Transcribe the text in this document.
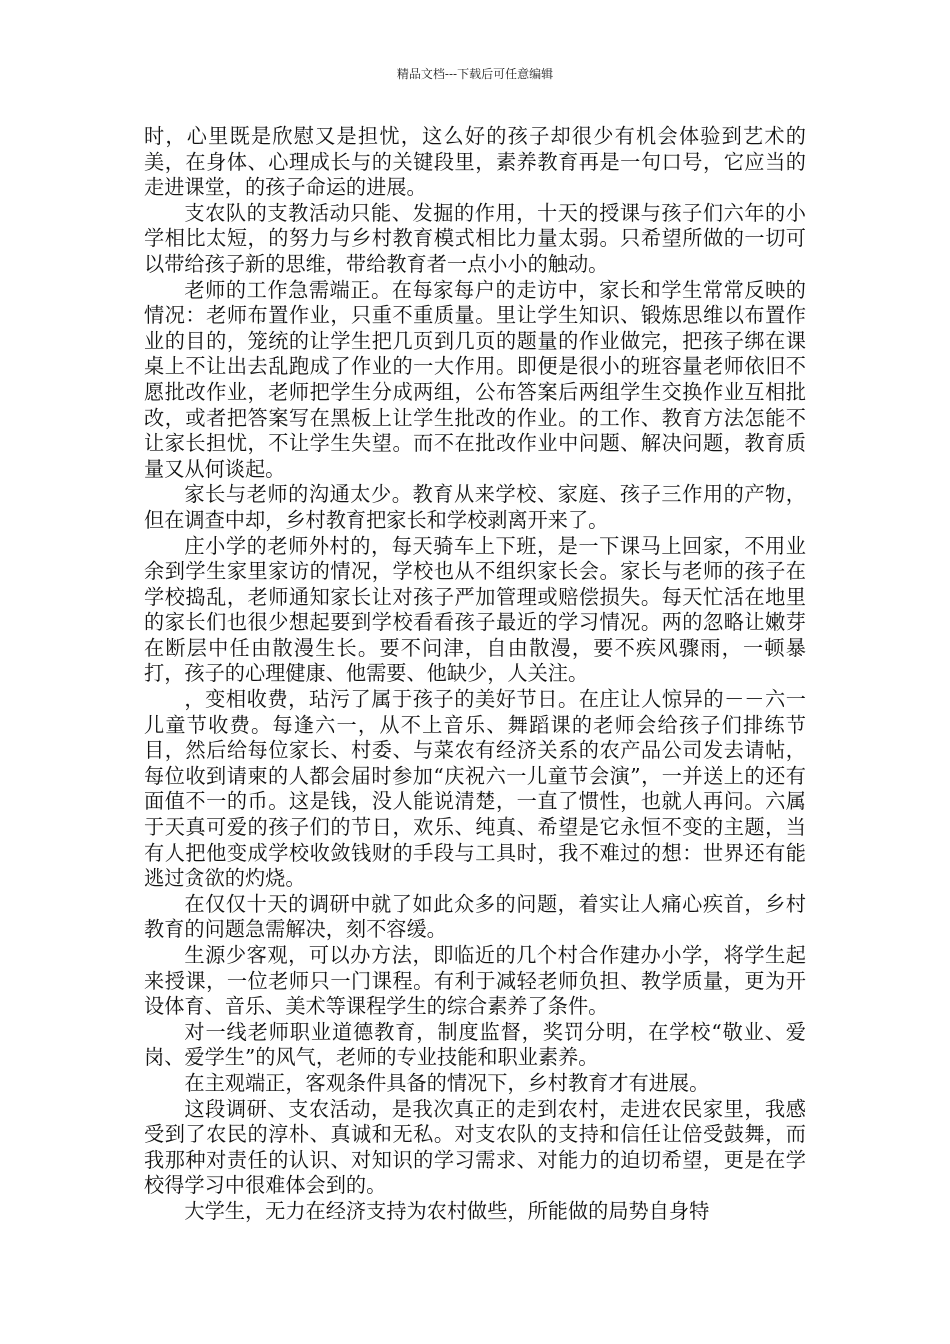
精品文档---下载后可任意编辑

时，心里既是欣慰又是担忧，这么好的孩子却很少有机会体验到艺术的美，在身体、心理成长与的关键段里，素养教育再是一句口号，它应当的走进课堂，的孩子命运的进展。

支农队的支教活动只能、发掘的作用，十天的授课与孩子们六年的小学相比太短，的努力与乡村教育模式相比力量太弱。只希望所做的一切可以带给孩子新的思维，带给教育者一点小小的触动。

老师的工作急需端正。在每家每户的走访中，家长和学生常常反映的情况：老师布置作业，只重不重质量。里让学生知识、锻炼思维以布置作业的目的，笼统的让学生把几页到几页的题量的作业做完，把孩子绑在课桌上不让出去乱跑成了作业的一大作用。即便是很小的班容量老师依旧不愿批改作业，老师把学生分成两组，公布答案后两组学生交换作业互相批改，或者把答案写在黑板上让学生批改的作业。的工作、教育方法怎能不让家长担忧，不让学生失望。而不在批改作业中问题、解决问题，教育质量又从何谈起。

家长与老师的沟通太少。教育从来学校、家庭、孩子三作用的产物，但在调查中却，乡村教育把家长和学校剥离开来了。

庄小学的老师外村的，每天骑车上下班，是一下课马上回家，不用业余到学生家里家访的情况，学校也从不组织家长会。家长与老师的孩子在学校捣乱，老师通知家长让对孩子严加管理或赔偿损失。每天忙活在地里的家长们也很少想起要到学校看看孩子最近的学习情况。两的忽略让嫩芽在断层中任由散漫生长。要不问津，自由散漫，要不疾风骤雨，一顿暴打，孩子的心理健康、他需要、他缺少，人关注。

，变相收费，玷污了属于孩子的美好节日。在庄让人惊异的－－六一儿童节收费。每逢六一，从不上音乐、舞蹈课的老师会给孩子们排练节目，然后给每位家长、村委、与菜农有经济关系的农产品公司发去请帖，每位收到请柬的人都会届时参加“庆祝六一儿童节会演”，一并送上的还有面值不一的币。这是钱，没人能说清楚，一直了惯性，也就人再问。六属于天真可爱的孩子们的节日，欢乐、纯真、希望是它永恒不变的主题，当有人把他变成学校收敛钱财的手段与工具时，我不难过的想：世界还有能逃过贪欲的灼烧。

在仅仅十天的调研中就了如此众多的问题，着实让人痛心疾首，乡村教育的问题急需解决，刻不容缓。

生源少客观，可以办方法，即临近的几个村合作建办小学，将学生起来授课，一位老师只一门课程。有利于减轻老师负担、教学质量，更为开设体育、音乐、美术等课程学生的综合素养了条件。

对一线老师职业道德教育，制度监督，奖罚分明，在学校“敬业、爱岗、爱学生”的风气，老师的专业技能和职业素养。

在主观端正，客观条件具备的情况下，乡村教育才有进展。

这段调研、支农活动，是我次真正的走到农村，走进农民家里，我感受到了农民的淳朴、真诚和无私。对支农队的支持和信任让倍受鼓舞，而我那种对责任的认识、对知识的学习需求、对能力的迫切希望，更是在学校得学习中很难体会到的。

大学生，无力在经济支持为农村做些，所能做的局势自身特
